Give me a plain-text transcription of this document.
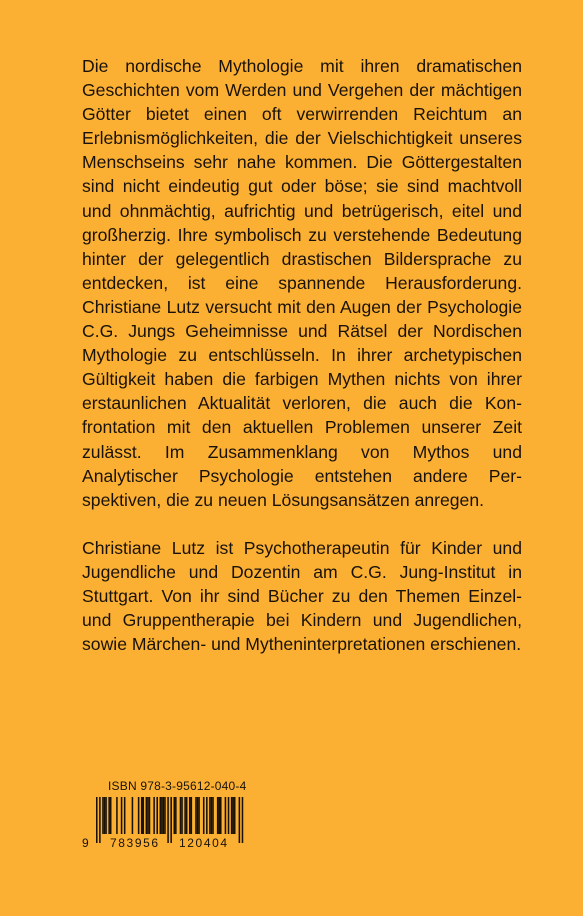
Die nordische Mythologie mit ihren dramatischen Geschichten vom Werden und Vergehen der mächtigen Götter bietet einen oft verwirrenden Reichtum an Erlebnismöglichkeiten, die der Vielschichtigkeit unseres Menschseins sehr nahe kommen. Die Göttergestalten sind nicht eindeutig gut oder böse; sie sind machtvoll und ohnmächtig, aufrichtig und betrügerisch, eitel und großherzig. Ihre symbolisch zu verstehende Bedeutung hinter der gelegentlich drastischen Bildersprache zu entdecken, ist eine spannende Herausforderung. Christiane Lutz versucht mit den Augen der Psychologie C.G. Jungs Geheimnisse und Rätsel der Nordischen Mythologie zu entschlüsseln. In ihrer archetypischen Gültigkeit haben die farbigen Mythen nichts von ihrer erstaunlichen Aktualität verloren, die auch die Konfrontation mit den aktuellen Problemen unserer Zeit zulässt. Im Zusammenklang von Mythos und Analytischer Psychologie entstehen andere Perspektiven, die zu neuen Lösungsansätzen anregen.

Christiane Lutz ist Psychotherapeutin für Kinder und Jugendliche und Dozentin am C.G. Jung-Institut in Stuttgart. Von ihr sind Bücher zu den Themen Einzel- und Gruppentherapie bei Kindern und Jugendlichen, sowie Märchen- und Mytheninterpretationen erschienen.

ISBN 978-3-95612-040-4
9 783956 120404
